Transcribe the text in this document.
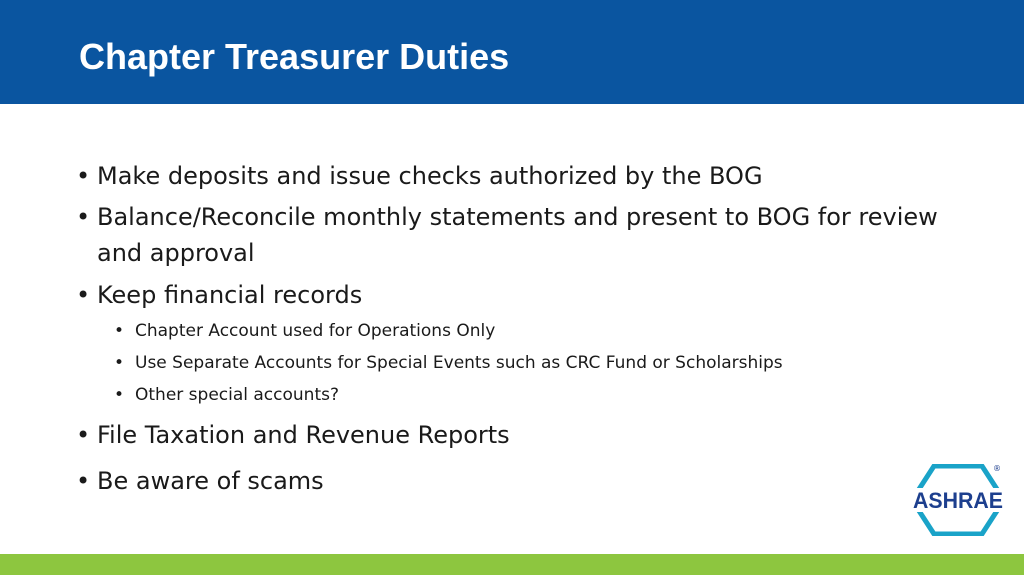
Chapter Treasurer Duties
• Make deposits and issue checks authorized by the BOG
• Balance/Reconcile monthly statements and present to BOG for review and approval
• Keep financial records
• Chapter Account used for Operations Only
• Use Separate Accounts for Special Events such as CRC Fund or Scholarships
• Other special accounts?
• File Taxation and Revenue Reports
• Be aware of scams
ASHRAE
®
